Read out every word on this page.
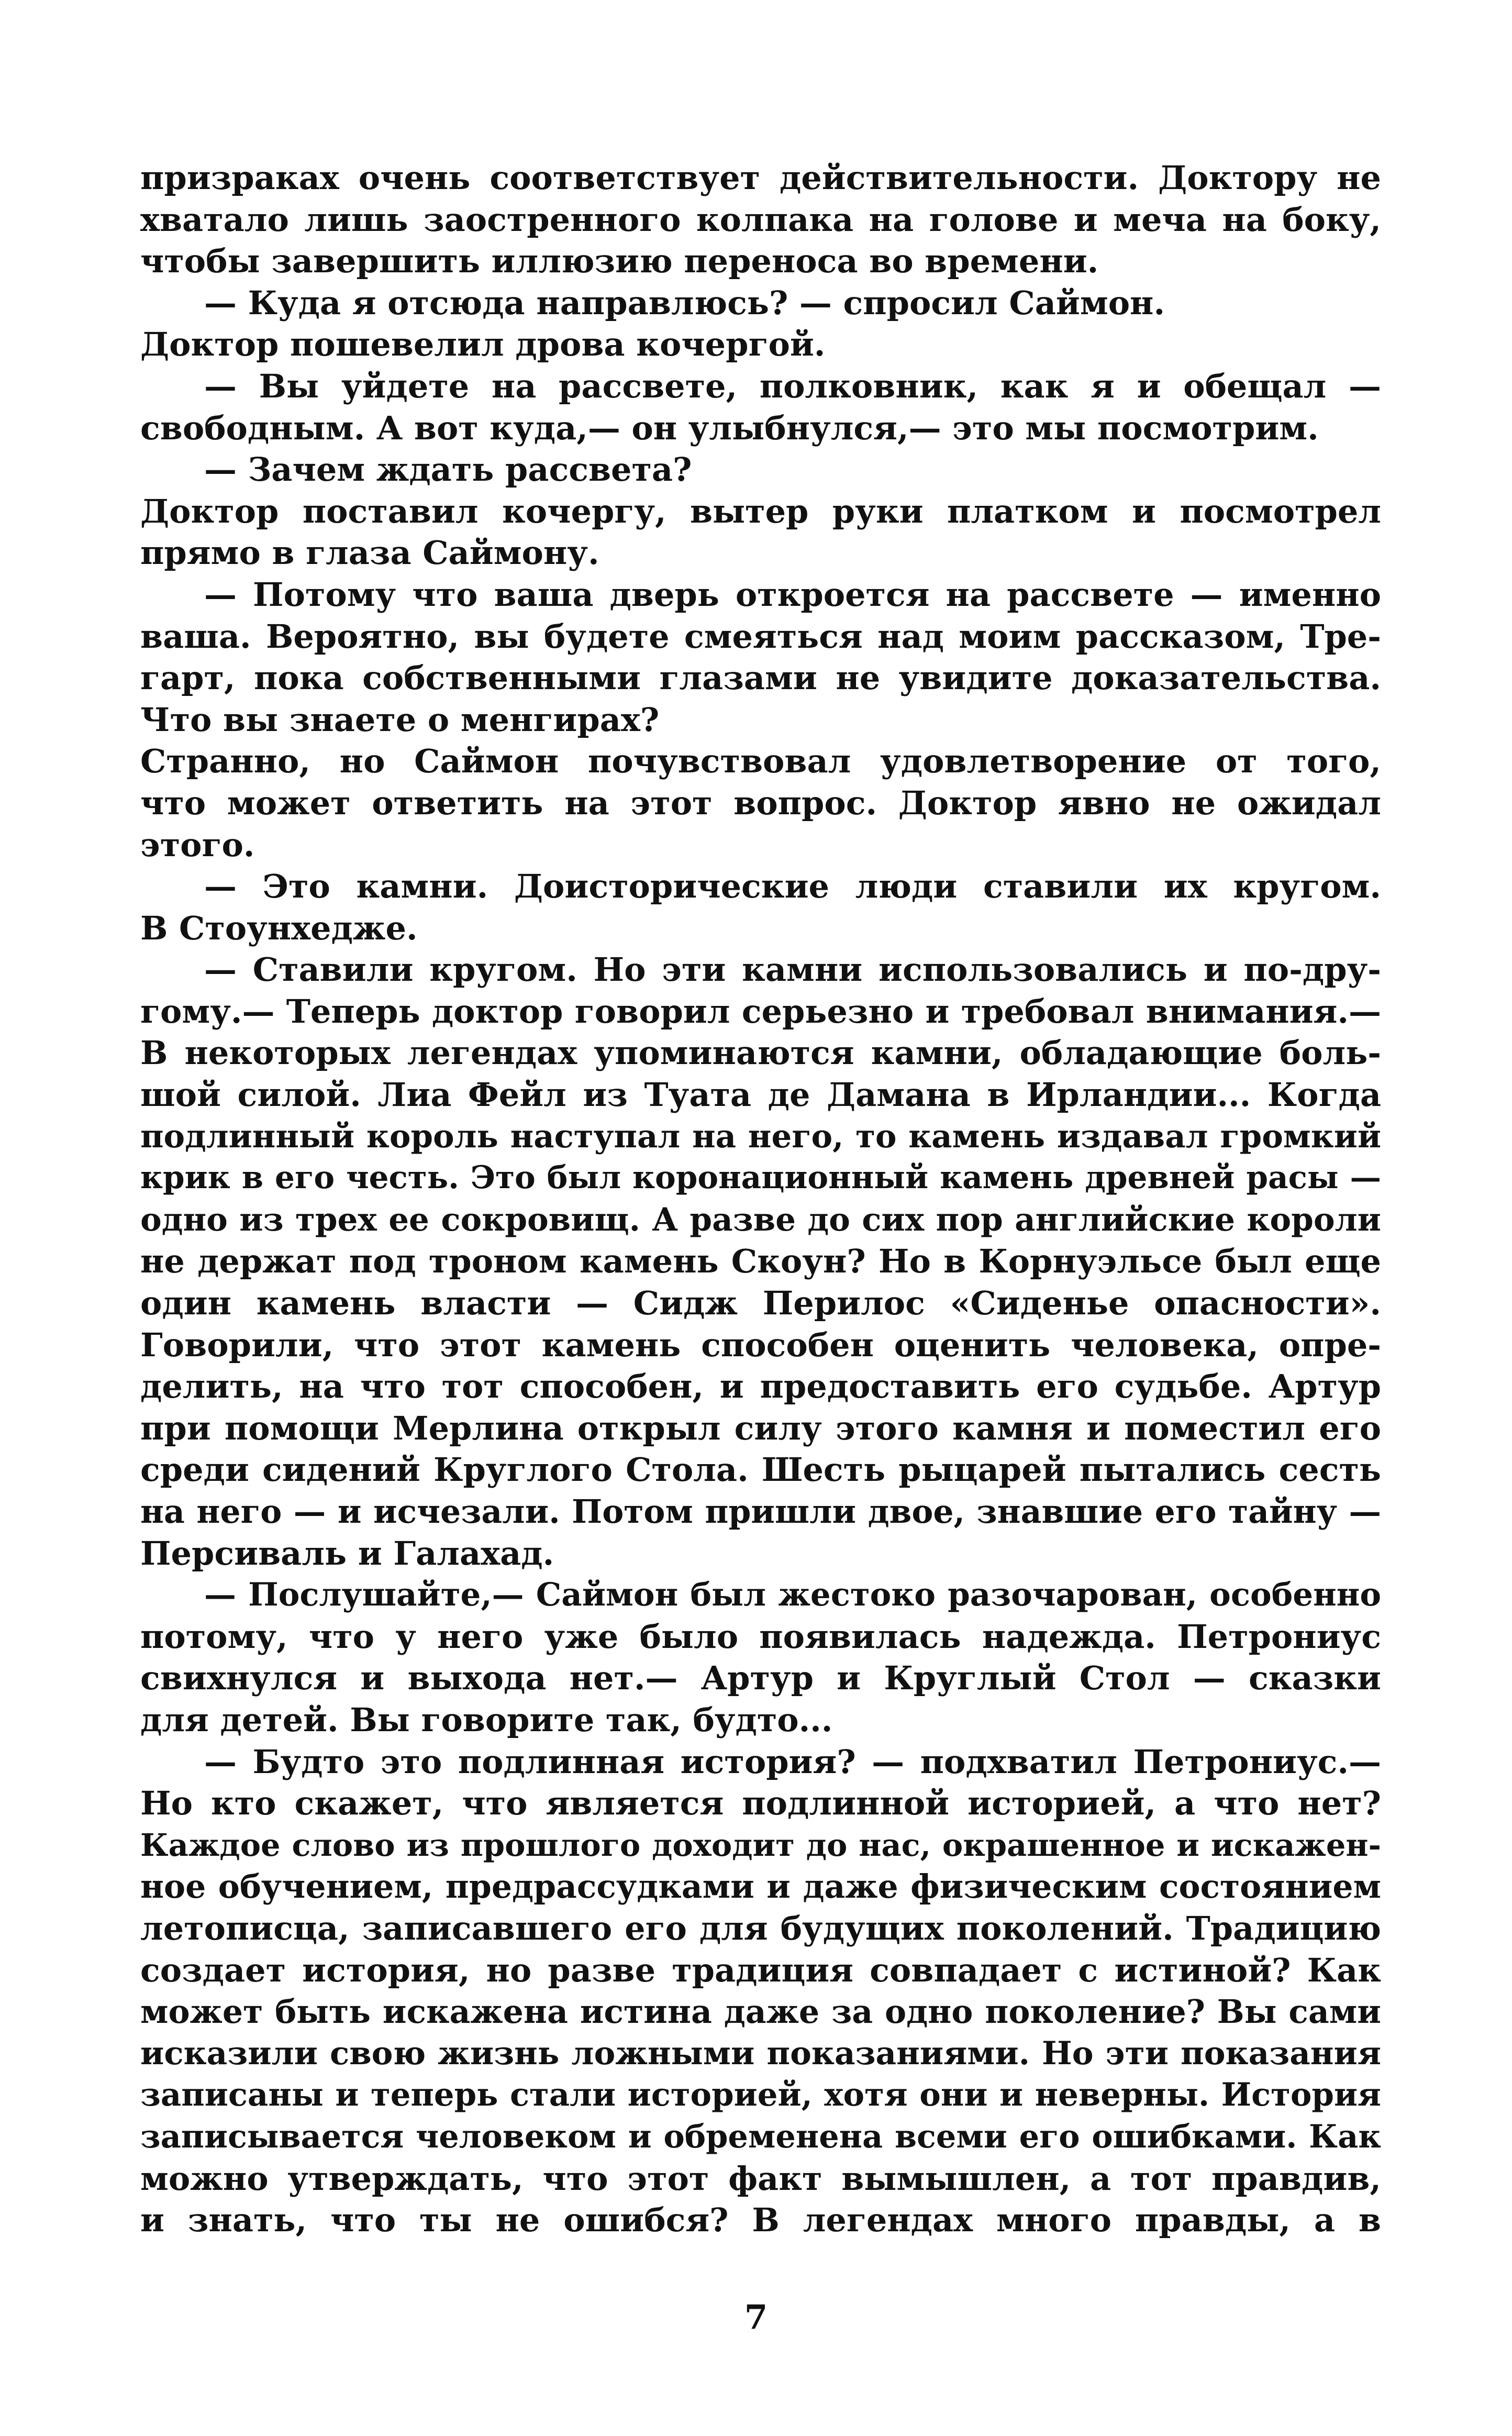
призраках очень соответствует действительности. Доктору не
хватало лишь заостренного колпака на голове и меча на боку,
чтобы завершить иллюзию переноса во времени.
— Куда я отсюда направлюсь? — спросил Саймон.
Доктор пошевелил дрова кочергой.
— Вы уйдете на рассвете, полковник, как я и обещал —
свободным. А вот куда,— он улыбнулся,— это мы посмотрим.
— Зачем ждать рассвета?
Доктор поставил кочергу, вытер руки платком и посмотрел
прямо в глаза Саймону.
— Потому что ваша дверь откроется на рассвете — именно
ваша. Вероятно, вы будете смеяться над моим рассказом, Тре-
гарт, пока собственными глазами не увидите доказательства.
Что вы знаете о менгирах?
Странно, но Саймон почувствовал удовлетворение от того,
что может ответить на этот вопрос. Доктор явно не ожидал
этого.
— Это камни. Доисторические люди ставили их кругом.
В Стоунхедже.
— Ставили кругом. Но эти камни использовались и по-дру-
гому.— Теперь доктор говорил серьезно и требовал внимания.—
В некоторых легендах упоминаются камни, обладающие боль-
шой силой. Лиа Фейл из Туата де Дамана в Ирландии... Когда
подлинный король наступал на него, то камень издавал громкий
крик в его честь. Это был коронационный камень древней расы —
одно из трех ее сокровищ. А разве до сих пор английские короли
не держат под троном камень Скоун? Но в Корнуэльсе был еще
один камень власти — Сидж Перилос «Сиденье опасности».
Говорили, что этот камень способен оценить человека, опре-
делить, на что тот способен, и предоставить его судьбе. Артур
при помощи Мерлина открыл силу этого камня и поместил его
среди сидений Круглого Стола. Шесть рыцарей пытались сесть
на него — и исчезали. Потом пришли двое, знавшие его тайну —
Персиваль и Галахад.
— Послушайте,— Саймон был жестоко разочарован, особенно
потому, что у него уже было появилась надежда. Петрониус
свихнулся и выхода нет.— Артур и Круглый Стол — сказки
для детей. Вы говорите так, будто...
— Будто это подлинная история? — подхватил Петрониус.—
Но кто скажет, что является подлинной историей, а что нет?
Каждое слово из прошлого доходит до нас, окрашенное и искажен-
ное обучением, предрассудками и даже физическим состоянием
летописца, записавшего его для будущих поколений. Традицию
создает история, но разве традиция совпадает с истиной? Как
может быть искажена истина даже за одно поколение? Вы сами
исказили свою жизнь ложными показаниями. Но эти показания
записаны и теперь стали историей, хотя они и неверны. История
записывается человеком и обременена всеми его ошибками. Как
можно утверждать, что этот факт вымышлен, а тот правдив,
и знать, что ты не ошибся? В легендах много правды, а в
7
